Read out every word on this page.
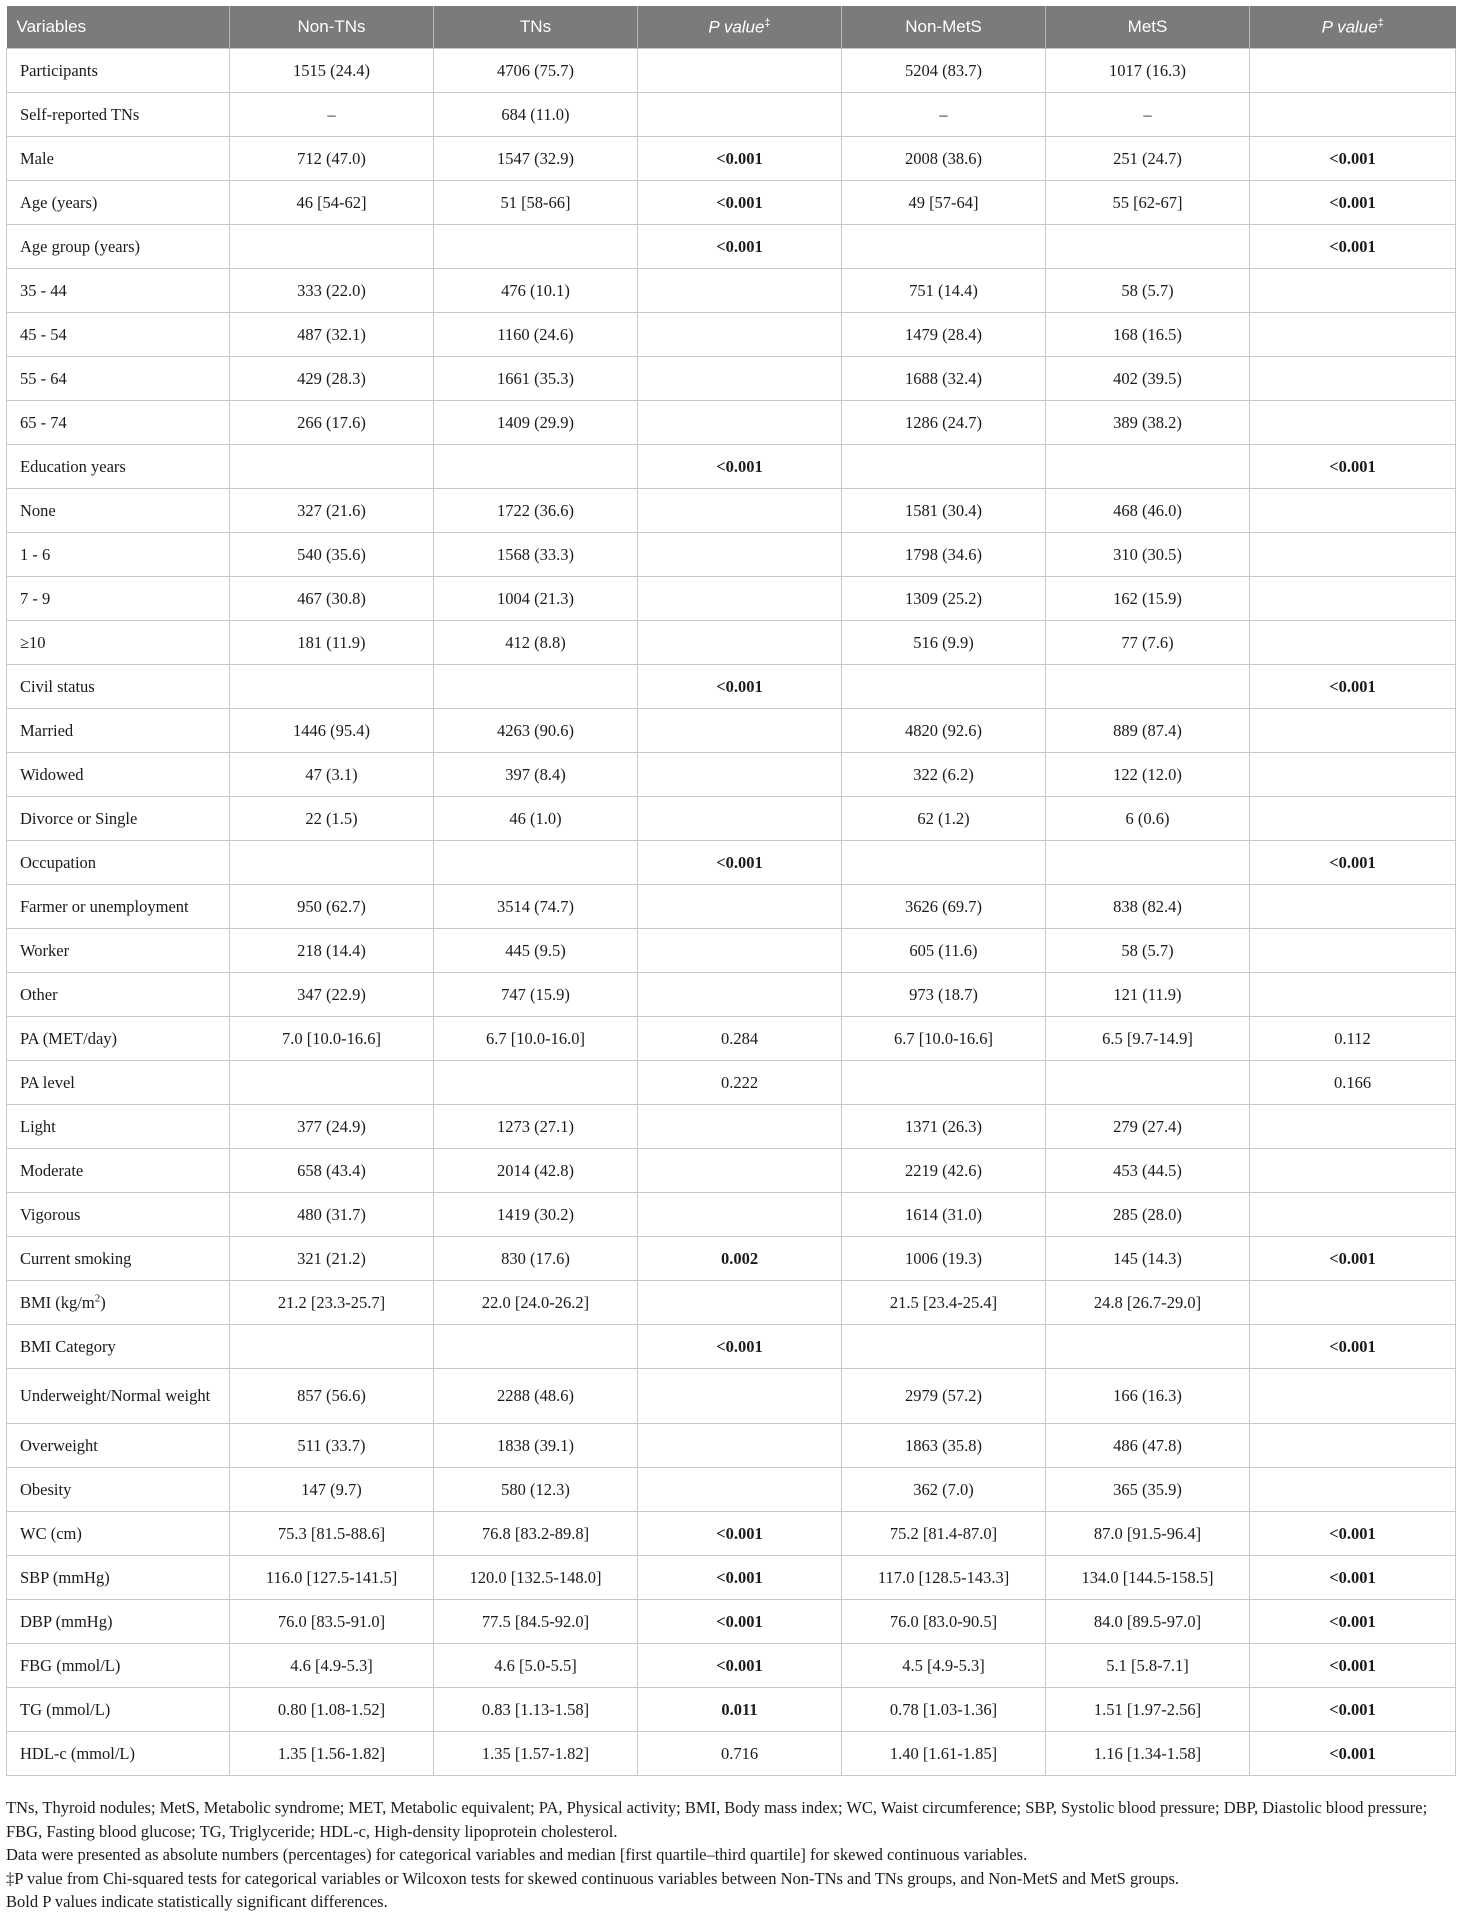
Variables	Non-TNs	TNs	P value‡	Non-MetS	MetS	P value‡
Participants	1515 (24.4)	4706 (75.7)		5204 (83.7)	1017 (16.3)	
Self-reported TNs	–	684 (11.0)		–	–	
Male	712 (47.0)	1547 (32.9)	<0.001	2008 (38.6)	251 (24.7)	<0.001
Age (years)	46 [54-62]	51 [58-66]	<0.001	49 [57-64]	55 [62-67]	<0.001
Age group (years)			<0.001			<0.001
35 - 44	333 (22.0)	476 (10.1)		751 (14.4)	58 (5.7)	
45 - 54	487 (32.1)	1160 (24.6)		1479 (28.4)	168 (16.5)	
55 - 64	429 (28.3)	1661 (35.3)		1688 (32.4)	402 (39.5)	
65 - 74	266 (17.6)	1409 (29.9)		1286 (24.7)	389 (38.2)	
Education years			<0.001			<0.001
None	327 (21.6)	1722 (36.6)		1581 (30.4)	468 (46.0)	
1 - 6	540 (35.6)	1568 (33.3)		1798 (34.6)	310 (30.5)	
7 - 9	467 (30.8)	1004 (21.3)		1309 (25.2)	162 (15.9)	
≥10	181 (11.9)	412 (8.8)		516 (9.9)	77 (7.6)	
Civil status			<0.001			<0.001
Married	1446 (95.4)	4263 (90.6)		4820 (92.6)	889 (87.4)	
Widowed	47 (3.1)	397 (8.4)		322 (6.2)	122 (12.0)	
Divorce or Single	22 (1.5)	46 (1.0)		62 (1.2)	6 (0.6)	
Occupation			<0.001			<0.001
Farmer or unemployment	950 (62.7)	3514 (74.7)		3626 (69.7)	838 (82.4)	
Worker	218 (14.4)	445 (9.5)		605 (11.6)	58 (5.7)	
Other	347 (22.9)	747 (15.9)		973 (18.7)	121 (11.9)	
PA (MET/day)	7.0 [10.0-16.6]	6.7 [10.0-16.0]	0.284	6.7 [10.0-16.6]	6.5 [9.7-14.9]	0.112
PA level			0.222			0.166
Light	377 (24.9)	1273 (27.1)		1371 (26.3)	279 (27.4)	
Moderate	658 (43.4)	2014 (42.8)		2219 (42.6)	453 (44.5)	
Vigorous	480 (31.7)	1419 (30.2)		1614 (31.0)	285 (28.0)	
Current smoking	321 (21.2)	830 (17.6)	0.002	1006 (19.3)	145 (14.3)	<0.001
BMI $(kg/m^2)$	21.2 [23.3-25.7]	22.0 [24.0-26.2]		21.5 [23.4-25.4]	24.8 [26.7-29.0]	
BMI Category			<0.001			<0.001
Underweight/Normal weight	857 (56.6)	2288 (48.6)		2979 (57.2)	166 (16.3)	
Overweight	511 (33.7)	1838 (39.1)		1863 (35.8)	486 (47.8)	
Obesity	147 (9.7)	580 (12.3)		362 (7.0)	365 (35.9)	
WC (cm)	75.3 [81.5-88.6]	76.8 [83.2-89.8]	<0.001	75.2 [81.4-87.0]	87.0 [91.5-96.4]	<0.001
SBP (mmHg)	116.0 [127.5-141.5]	120.0 [132.5-148.0]	<0.001	117.0 [128.5-143.3]	134.0 [144.5-158.5]	<0.001
DBP (mmHg)	76.0 [83.5-91.0]	77.5 [84.5-92.0]	<0.001	76.0 [83.0-90.5]	84.0 [89.5-97.0]	<0.001
FBG (mmol/L)	4.6 [4.9-5.3]	4.6 [5.0-5.5]	<0.001	4.5 [4.9-5.3]	5.1 [5.8-7.1]	<0.001
TG (mmol/L)	0.80 [1.08-1.52]	0.83 [1.13-1.58]	0.011	0.78 [1.03-1.36]	1.51 [1.97-2.56]	<0.001
HDL-c (mmol/L)	1.35 [1.56-1.82]	1.35 [1.57-1.82]	0.716	1.40 [1.61-1.85]	1.16 [1.34-1.58]	<0.001

TNs, Thyroid nodules; MetS, Metabolic syndrome; MET, Metabolic equivalent; PA, Physical activity; BMI, Body mass index; WC, Waist circumference; SBP, Systolic blood pressure; DBP, Diastolic blood pressure; FBG, Fasting blood glucose; TG, Triglyceride; HDL-c, High-density lipoprotein cholesterol.

Data were presented as absolute numbers (percentages) for categorical variables and median [first quartile–third quartile] for skewed continuous variables.

‡P value from Chi-squared tests for categorical variables or Wilcoxon tests for skewed continuous variables between Non-TNs and TNs groups, and Non-MetS and MetS groups.

Bold P values indicate statistically significant differences.
